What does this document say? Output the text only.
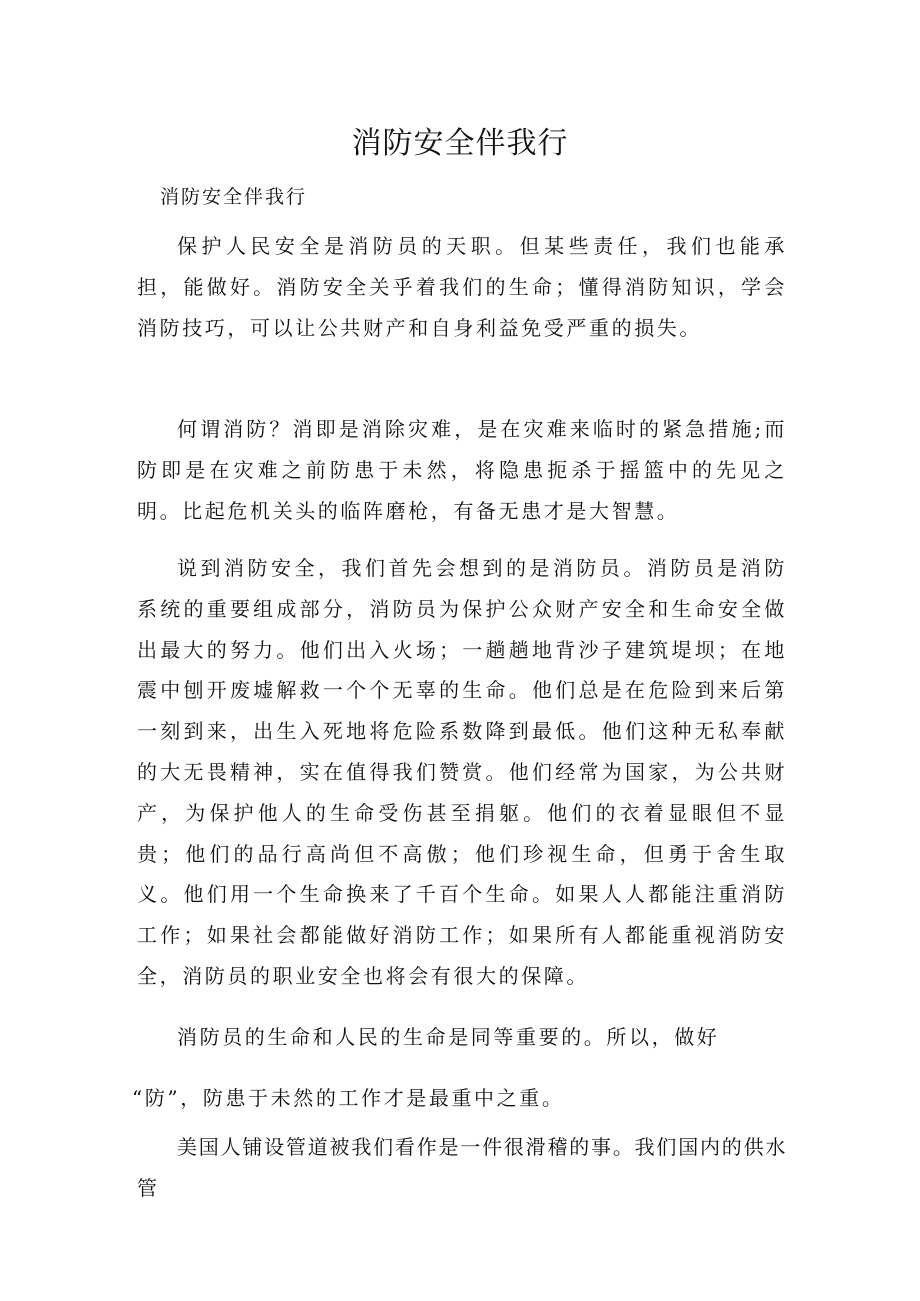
消防安全伴我行

消防安全伴我行

保护人民安全是消防员的天职。但某些责任，我们也能承担，能做好。消防安全关乎着我们的生命；懂得消防知识，学会消防技巧，可以让公共财产和自身利益免受严重的损失。

何谓消防？消即是消除灾难，是在灾难来临时的紧急措施;而防即是在灾难之前防患于未然，将隐患扼杀于摇篮中的先见之明。比起危机关头的临阵磨枪，有备无患才是大智慧。

说到消防安全，我们首先会想到的是消防员。消防员是消防系统的重要组成部分，消防员为保护公众财产安全和生命安全做出最大的努力。他们出入火场；一趟趟地背沙子建筑堤坝；在地震中刨开废墟解救一个个无辜的生命。他们总是在危险到来后第一刻到来，出生入死地将危险系数降到最低。他们这种无私奉献的大无畏精神，实在值得我们赞赏。他们经常为国家，为公共财产，为保护他人的生命受伤甚至捐躯。他们的衣着显眼但不显贵；他们的品行高尚但不高傲；他们珍视生命，但勇于舍生取义。他们用一个生命换来了千百个生命。如果人人都能注重消防工作；如果社会都能做好消防工作；如果所有人都能重视消防安全，消防员的职业安全也将会有很大的保障。

消防员的生命和人民的生命是同等重要的。所以，做好

“防”，防患于未然的工作才是最重中之重。

美国人铺设管道被我们看作是一件很滑稽的事。我们国内的供水管
